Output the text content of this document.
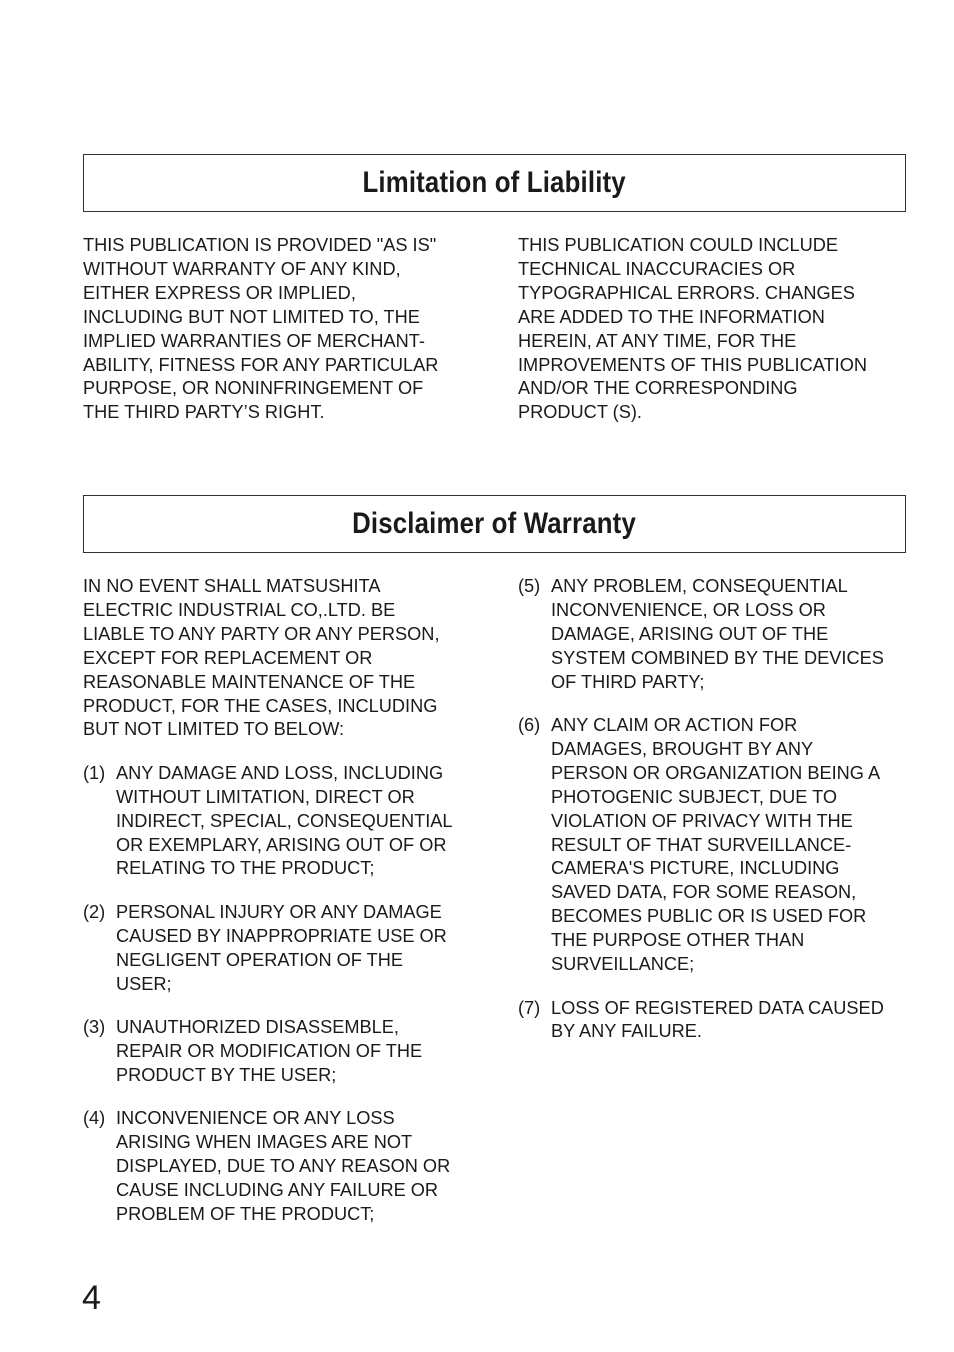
Limitation of Liability
THIS PUBLICATION IS PROVIDED "AS IS"
WITHOUT WARRANTY OF ANY KIND,
EITHER EXPRESS OR IMPLIED,
INCLUDING BUT NOT LIMITED TO, THE
IMPLIED WARRANTIES OF MERCHANT-
ABILITY, FITNESS FOR ANY PARTICULAR
PURPOSE, OR NONINFRINGEMENT OF
THE THIRD PARTY’S RIGHT.
THIS PUBLICATION COULD INCLUDE
TECHNICAL INACCURACIES OR
TYPOGRAPHICAL ERRORS. CHANGES
ARE ADDED TO THE INFORMATION
HEREIN, AT ANY TIME, FOR THE
IMPROVEMENTS OF THIS PUBLICATION
AND/OR THE CORRESPONDING
PRODUCT (S).
Disclaimer of Warranty
IN NO EVENT SHALL MATSUSHITA
ELECTRIC INDUSTRIAL CO,.LTD. BE
LIABLE TO ANY PARTY OR ANY PERSON,
EXCEPT FOR REPLACEMENT OR
REASONABLE MAINTENANCE OF THE
PRODUCT, FOR THE CASES, INCLUDING
BUT NOT LIMITED TO BELOW:
(1) ANY DAMAGE AND LOSS, INCLUDING
WITHOUT LIMITATION, DIRECT OR
INDIRECT, SPECIAL, CONSEQUENTIAL
OR EXEMPLARY, ARISING OUT OF OR
RELATING TO THE PRODUCT;
(2) PERSONAL INJURY OR ANY DAMAGE
CAUSED BY INAPPROPRIATE USE OR
NEGLIGENT OPERATION OF THE
USER;
(3) UNAUTHORIZED DISASSEMBLE,
REPAIR OR MODIFICATION OF THE
PRODUCT BY THE USER;
(4) INCONVENIENCE OR ANY LOSS
ARISING WHEN IMAGES ARE NOT
DISPLAYED, DUE TO ANY REASON OR
CAUSE INCLUDING ANY FAILURE OR
PROBLEM OF THE PRODUCT;
(5) ANY PROBLEM, CONSEQUENTIAL
INCONVENIENCE, OR LOSS OR
DAMAGE, ARISING OUT OF THE
SYSTEM COMBINED BY THE DEVICES
OF THIRD PARTY;
(6) ANY CLAIM OR ACTION FOR
DAMAGES, BROUGHT BY ANY
PERSON OR ORGANIZATION BEING A
PHOTOGENIC SUBJECT, DUE TO
VIOLATION OF PRIVACY WITH THE
RESULT OF THAT SURVEILLANCE-
CAMERA'S PICTURE, INCLUDING
SAVED DATA, FOR SOME REASON,
BECOMES PUBLIC OR IS USED FOR
THE PURPOSE OTHER THAN
SURVEILLANCE;
(7) LOSS OF REGISTERED DATA CAUSED
BY ANY FAILURE.
4
